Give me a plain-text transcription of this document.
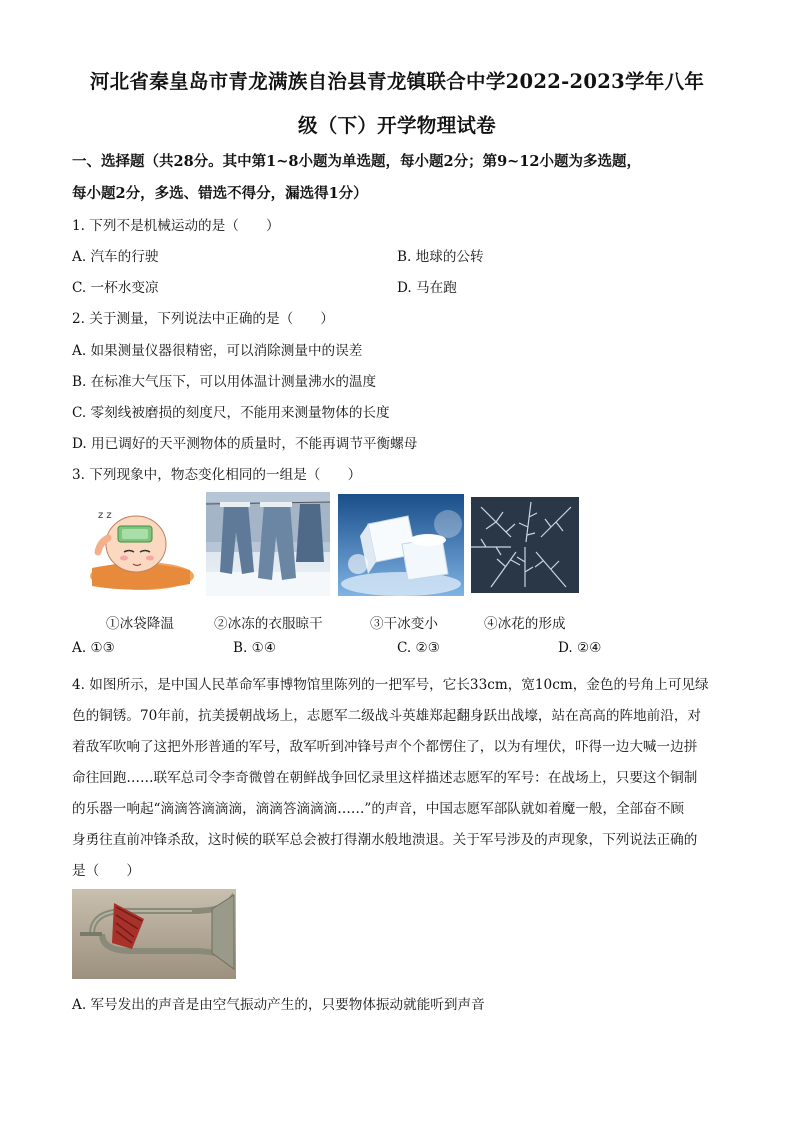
河北省秦皇岛市青龙满族自治县青龙镇联合中学2022-2023学年八年
级（下）开学物理试卷
一、选择题（共28分。其中第1~8小题为单选题，每小题2分；第9~12小题为多选题，
每小题2分，多选、错选不得分，漏选得1分）
1. 下列不是机械运动的是（　　）
A. 汽车的行驶	B. 地球的公转
C. 一杯水变凉	D. 马在跑
2. 关于测量，下列说法中正确的是（　　）
A. 如果测量仪器很精密，可以消除测量中的误差
B. 在标准大气压下，可以用体温计测量沸水的温度
C. 零刻线被磨损的刻度尺，不能用来测量物体的长度
D. 用已调好的天平测物体的质量时，不能再调节平衡螺母
3. 下列现象中，物态变化相同的一组是（　　）
z z
①冰袋降温	②冰冻的衣服晾干	③干冰变小	④冰花的形成
A. ①③	B. ①④	C. ②③	D. ②④
4. 如图所示，是中国人民革命军事博物馆里陈列的一把军号，它长33cm，宽10cm，金色的号角上可见绿
色的铜锈。70年前，抗美援朝战场上，志愿军二级战斗英雄郑起翻身跃出战壕，站在高高的阵地前沿，对
着敌军吹响了这把外形普通的军号，敌军听到冲锋号声个个都愣住了，以为有埋伏，吓得一边大喊一边拼
命往回跑……联军总司令李奇微曾在朝鲜战争回忆录里这样描述志愿军的军号：在战场上，只要这个铜制
的乐器一响起“滴滴答滴滴滴，滴滴答滴滴滴……”的声音，中国志愿军部队就如着魔一般，全部奋不顾
身勇往直前冲锋杀敌，这时候的联军总会被打得潮水般地溃退。关于军号涉及的声现象，下列说法正确的
是（　　）
A. 军号发出的声音是由空气振动产生的，只要物体振动就能听到声音
